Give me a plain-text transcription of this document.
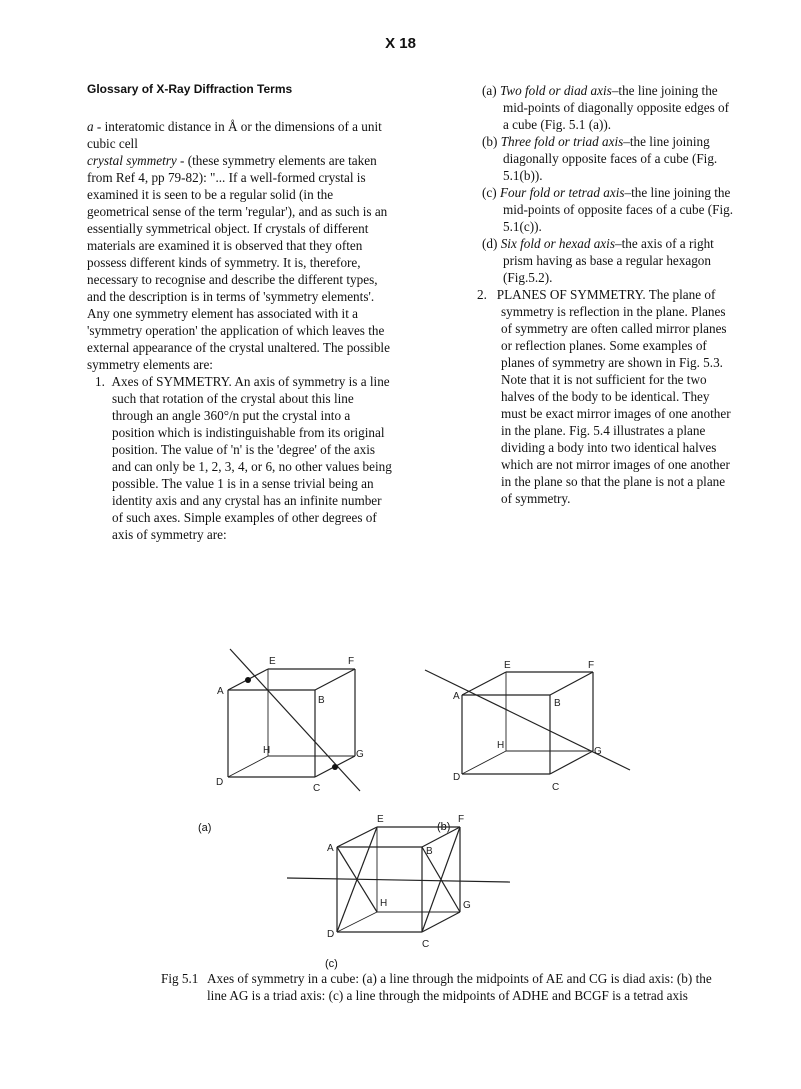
X 18
Glossary of X-Ray Diffraction Terms

a - interatomic distance in Å or the dimensions of a unit cubic cell

crystal symmetry - (these symmetry elements are taken from Ref 4, pp 79-82): "... If a well-formed crystal is examined it is seen to be a regular solid (in the geometrical sense of the term 'regular'), and as such is an essentially symmetrical object. If crystals of different materials are examined it is observed that they often possess different kinds of symmetry. It is, therefore, necessary to recognise and describe the different types, and the description is in terms of 'symmetry elements'. Any one symmetry element has associated with it a 'symmetry operation' the application of which leaves the external appearance of the crystal unaltered. The possible symmetry elements are:

1. Axes of SYMMETRY. An axis of symmetry is a line such that rotation of the crystal about this line through an angle 360°/n put the crystal into a position which is indistinguishable from its original position. The value of 'n' is the 'degree' of the axis and can only be 1, 2, 3, 4, or 6, no other values being possible. The value 1 is in a sense trivial being an identity axis and any crystal has an infinite number of such axes. Simple examples of other degrees of axis of symmetry are:

(a) Two fold or diad axis–the line joining the mid-points of diagonally opposite edges of a cube (Fig. 5.1 (a)).

(b) Three fold or triad axis–the line joining diagonally opposite faces of a cube (Fig. 5.1(b)).

(c) Four fold or tetrad axis–the line joining the mid-points of opposite faces of a cube (Fig. 5.1(c)).

(d) Six fold or hexad axis–the axis of a right prism having as base a regular hexagon (Fig.5.2).

2. PLANES OF SYMMETRY. The plane of symmetry is reflection in the plane. Planes of symmetry are often called mirror planes or reflection planes. Some examples of planes of symmetry are shown in Fig. 5.3. Note that it is not sufficient for the two halves of the body to be identical. They must be exact mirror images of one another in the plane. Fig. 5.4 illustrates a plane dividing a body into two identical halves which are not mirror images of one another in the plane so that the plane is not a plane of symmetry.

A
B
C
D
E	F
G
H
(a)
A
B
C
D
E	F
G
H
(b)
A	B
C
D
E	F
G
H
(c)
Fig 5.1 Axes of symmetry in a cube: (a) a line through the midpoints of AE and CG is diad axis: (b) the line AG is a triad axis: (c) a line through the midpoints of ADHE and BCGF is a tetrad axis
